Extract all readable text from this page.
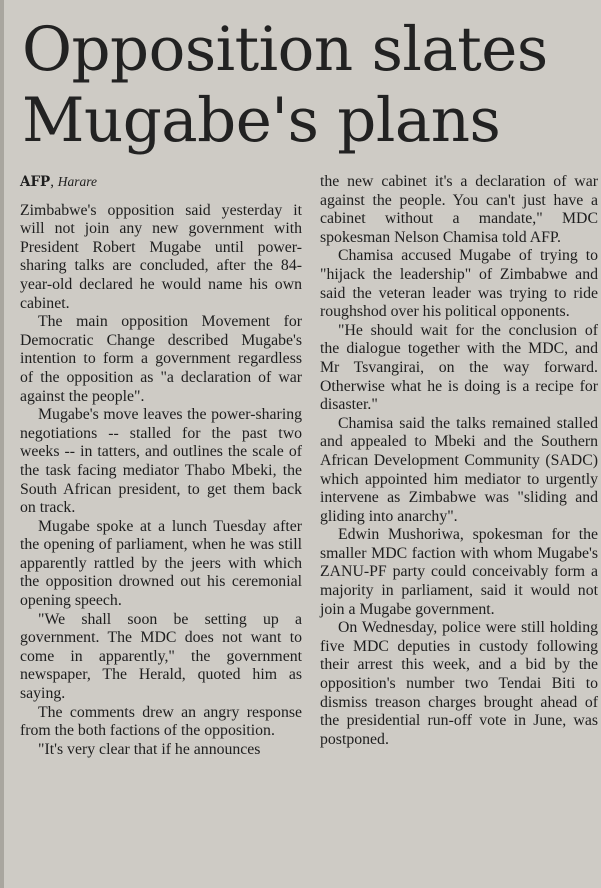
Opposition slates Mugabe's plans
AFP, Harare

Zimbabwe's opposition said yesterday it will not join any new government with President Robert Mugabe until power-sharing talks are concluded, after the 84-year-old declared he would name his own cabinet.

The main opposition Movement for Democratic Change described Mugabe's intention to form a government regardless of the opposition as "a declaration of war against the people".

Mugabe's move leaves the power-sharing negotiations -- stalled for the past two weeks -- in tatters, and outlines the scale of the task facing mediator Thabo Mbeki, the South African president, to get them back on track.

Mugabe spoke at a lunch Tuesday after the opening of parliament, when he was still apparently rattled by the jeers with which the opposition drowned out his ceremonial opening speech.

"We shall soon be setting up a government. The MDC does not want to come in apparently," the government newspaper, The Herald, quoted him as saying.

The comments drew an angry response from the both factions of the opposition.

"It's very clear that if he announces

the new cabinet it's a declaration of war against the people. You can't just have a cabinet without a mandate," MDC spokesman Nelson Chamisa told AFP.

Chamisa accused Mugabe of trying to "hijack the leadership" of Zimbabwe and said the veteran leader was trying to ride roughshod over his political opponents.

"He should wait for the conclusion of the dialogue together with the MDC, and Mr Tsvangirai, on the way forward. Otherwise what he is doing is a recipe for disaster."

Chamisa said the talks remained stalled and appealed to Mbeki and the Southern African Development Community (SADC) which appointed him mediator to urgently intervene as Zimbabwe was "sliding and gliding into anarchy".

Edwin Mushoriwa, spokesman for the smaller MDC faction with whom Mugabe's ZANU-PF party could conceivably form a majority in parliament, said it would not join a Mugabe government.

On Wednesday, police were still holding five MDC deputies in custody following their arrest this week, and a bid by the opposition's number two Tendai Biti to dismiss treason charges brought ahead of the presidential run-off vote in June, was postponed.
